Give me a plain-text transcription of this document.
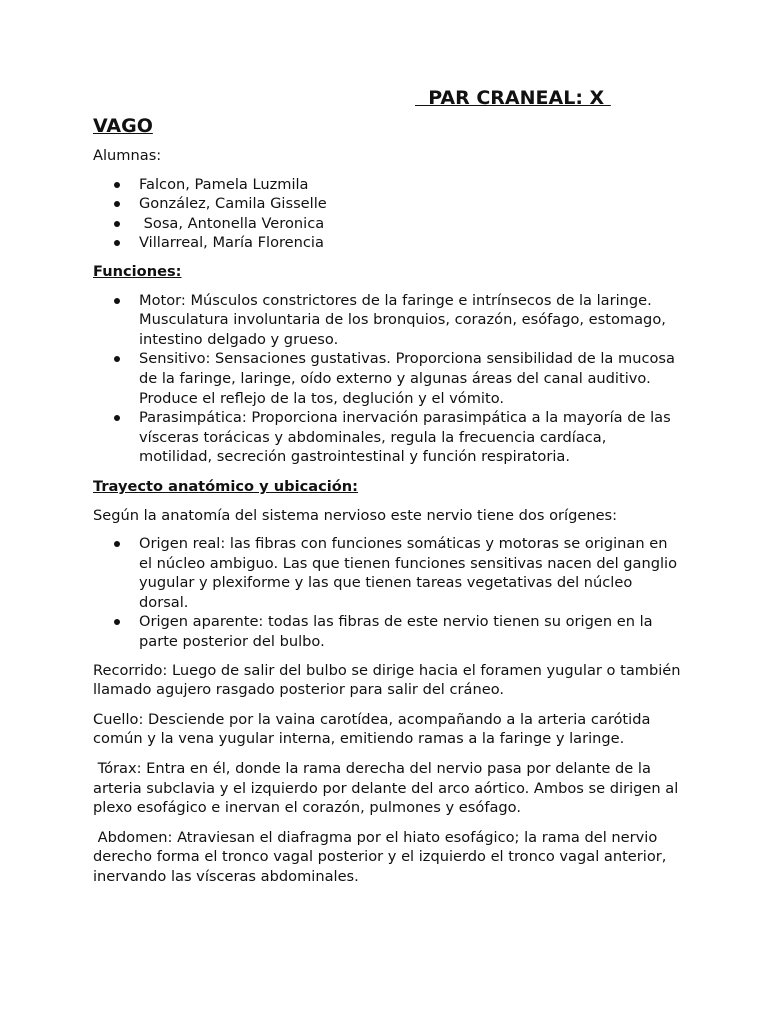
PAR CRANEAL: X
VAGO

Alumnas:

Falcon, Pamela Luzmila
González, Camila Gisselle
Sosa, Antonella Veronica
Villarreal, María Florencia

Funciones:

Motor: Músculos constrictores de la faringe e intrínsecos de la laringe. Musculatura involuntaria de los bronquios, corazón, esófago, estomago, intestino delgado y grueso.
Sensitivo: Sensaciones gustativas. Proporciona sensibilidad de la mucosa de la faringe, laringe, oído externo y algunas áreas del canal auditivo.
Produce el reflejo de la tos, deglución y el vómito.
Parasimpática: Proporciona inervación parasimpática a la mayoría de las vísceras torácicas y abdominales, regula la frecuencia cardíaca, motilidad, secreción gastrointestinal y función respiratoria.

Trayecto anatómico y ubicación:

Según la anatomía del sistema nervioso este nervio tiene dos orígenes:

Origen real: las fibras con funciones somáticas y motoras se originan en el núcleo ambiguo. Las que tienen funciones sensitivas nacen del ganglio yugular y plexiforme y las que tienen tareas vegetativas del núcleo dorsal.
Origen aparente: todas las fibras de este nervio tienen su origen en la parte posterior del bulbo.

Recorrido: Luego de salir del bulbo se dirige hacia el foramen yugular o también llamado agujero rasgado posterior para salir del cráneo.

Cuello: Desciende por la vaina carotídea, acompañando a la arteria carótida común y la vena yugular interna, emitiendo ramas a la faringe y laringe.

Tórax: Entra en él, donde la rama derecha del nervio pasa por delante de la arteria subclavia y el izquierdo por delante del arco aórtico. Ambos se dirigen al plexo esofágico e inervan el corazón, pulmones y esófago.

Abdomen: Atraviesan el diafragma por el hiato esofágico; la rama del nervio derecho forma el tronco vagal posterior y el izquierdo el tronco vagal anterior, inervando las vísceras abdominales.
